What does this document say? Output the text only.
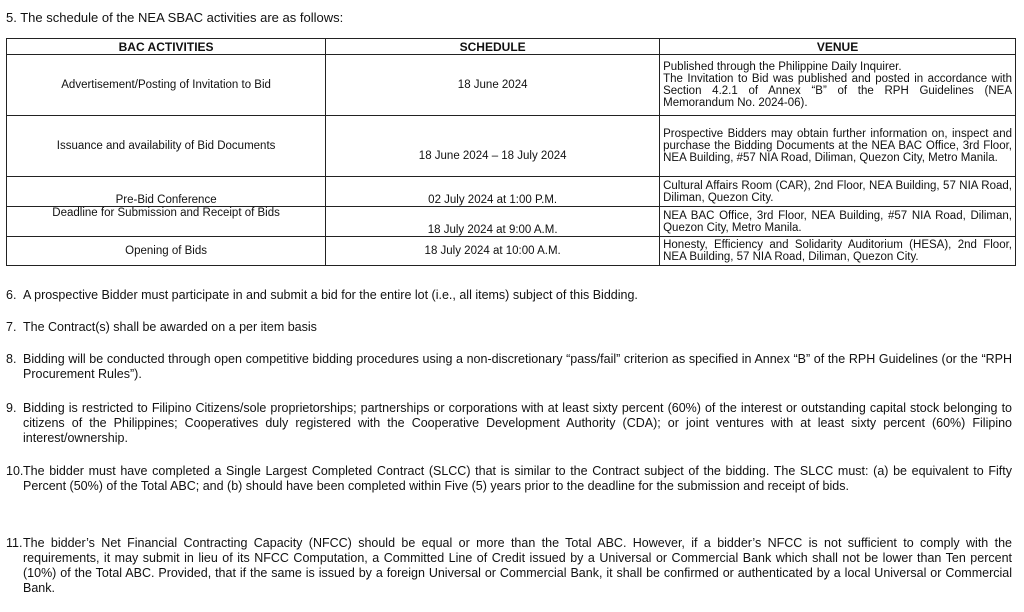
5. The schedule of the NEA SBAC activities are as follows:
BAC ACTIVITIES	SCHEDULE	VENUE
Advertisement/Posting of Invitation to Bid	18 June 2024	Published through the Philippine Daily Inquirer.
The Invitation to Bid was published and posted in accordance with Section 4.2.1 of Annex “B” of the RPH Guidelines (NEA Memorandum No. 2024-06).

Issuance and availability of Bid Documents	18 June 2024 – 18 July 2024	Prospective Bidders may obtain further information on, inspect and purchase the Bidding Documents at the NEA BAC Office, 3rd Floor, NEA Building, #57 NIA Road, Diliman, Quezon City, Metro Manila.

Pre-Bid Conference	02 July 2024 at 1:00 P.M.	Cultural Affairs Room (CAR), 2nd Floor, NEA Building, 57 NIA Road, Diliman, Quezon City.

Deadline for Submission and Receipt of Bids	18 July 2024 at 9:00 A.M.	NEA BAC Office, 3rd Floor, NEA Building, #57 NIA Road, Diliman, Quezon City, Metro Manila.

Opening of Bids	18 July 2024 at 10:00 A.M.	Honesty, Efficiency and Solidarity Auditorium (HESA), 2nd Floor, NEA Building, 57 NIA Road, Diliman, Quezon City.
6. A prospective Bidder must participate in and submit a bid for the entire lot (i.e., all items) subject of this Bidding.
7. The Contract(s) shall be awarded on a per item basis
8. Bidding will be conducted through open competitive bidding procedures using a non-discretionary “pass/fail” criterion as specified in Annex “B” of the RPH Guidelines (or the “RPH Procurement Rules”).
9. Bidding is restricted to Filipino Citizens/sole proprietorships; partnerships or corporations with at least sixty percent (60%) of the interest or outstanding capital stock belonging to citizens of the Philippines; Cooperatives duly registered with the Cooperative Development Authority (CDA); or joint ventures with at least sixty percent (60%) Filipino interest/ownership.
10. The bidder must have completed a Single Largest Completed Contract (SLCC) that is similar to the Contract subject of the bidding. The SLCC must: (a) be equivalent to Fifty Percent (50%) of the Total ABC; and (b) should have been completed within Five (5) years prior to the deadline for the submission and receipt of bids.
11. The bidder’s Net Financial Contracting Capacity (NFCC) should be equal or more than the Total ABC. However, if a bidder’s NFCC is not sufficient to comply with the requirements, it may submit in lieu of its NFCC Computation, a Committed Line of Credit issued by a Universal or Commercial Bank which shall not be lower than Ten percent (10%) of the Total ABC. Provided, that if the same is issued by a foreign Universal or Commercial Bank, it shall be confirmed or authenticated by a local Universal or Commercial Bank.
